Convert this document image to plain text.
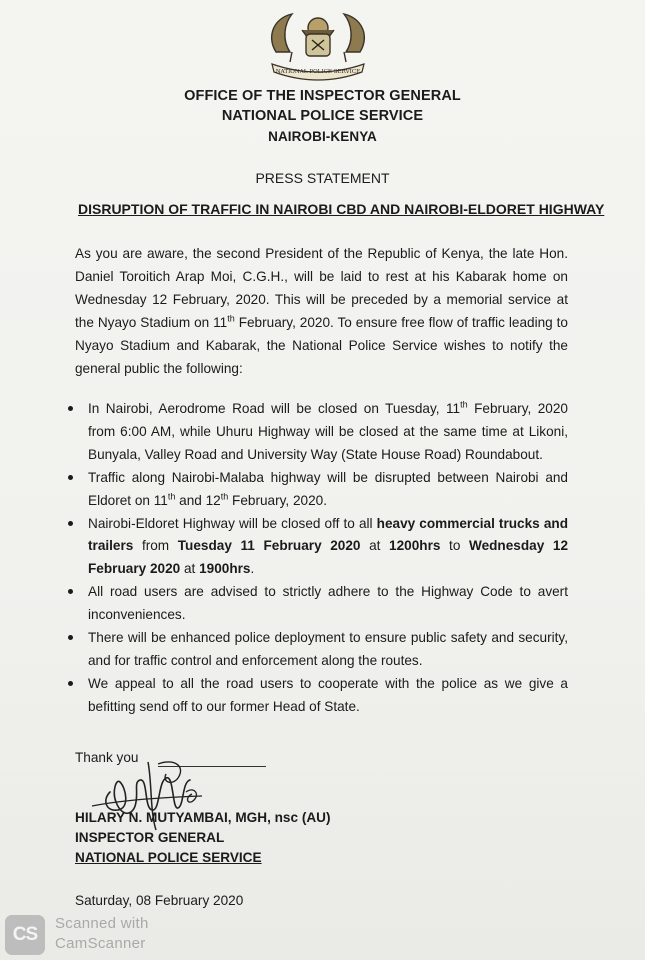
NATIONAL POLICE SERVICE
OFFICE OF THE INSPECTOR GENERAL
NATIONAL POLICE SERVICE
NAIROBI-KENYA
PRESS STATEMENT
DISRUPTION OF TRAFFIC IN NAIROBI CBD AND NAIROBI-ELDORET HIGHWAY
As you are aware, the second President of the Republic of Kenya, the late Hon. Daniel Toroitich Arap Moi, C.G.H., will be laid to rest at his Kabarak home on Wednesday 12 February, 2020. This will be preceded by a memorial service at the Nyayo Stadium on 11th February, 2020. To ensure free flow of traffic leading to Nyayo Stadium and Kabarak, the National Police Service wishes to notify the general public the following:
In Nairobi, Aerodrome Road will be closed on Tuesday, 11th February, 2020 from 6:00 AM, while Uhuru Highway will be closed at the same time at Likoni, Bunyala, Valley Road and University Way (State House Road) Roundabout.
Traffic along Nairobi-Malaba highway will be disrupted between Nairobi and Eldoret on 11th and 12th February, 2020.
Nairobi-Eldoret Highway will be closed off to all heavy commercial trucks and trailers from Tuesday 11 February 2020 at 1200hrs to Wednesday 12 February 2020 at 1900hrs.
All road users are advised to strictly adhere to the Highway Code to avert inconveniences.
There will be enhanced police deployment to ensure public safety and security, and for traffic control and enforcement along the routes.
We appeal to all the road users to cooperate with the police as we give a befitting send off to our former Head of State.
Thank you
HILARY N. MUTYAMBAI, MGH, nsc (AU)
INSPECTOR GENERAL
NATIONAL POLICE SERVICE
Saturday, 08 February 2020
CS
Scanned with
CamScanner
